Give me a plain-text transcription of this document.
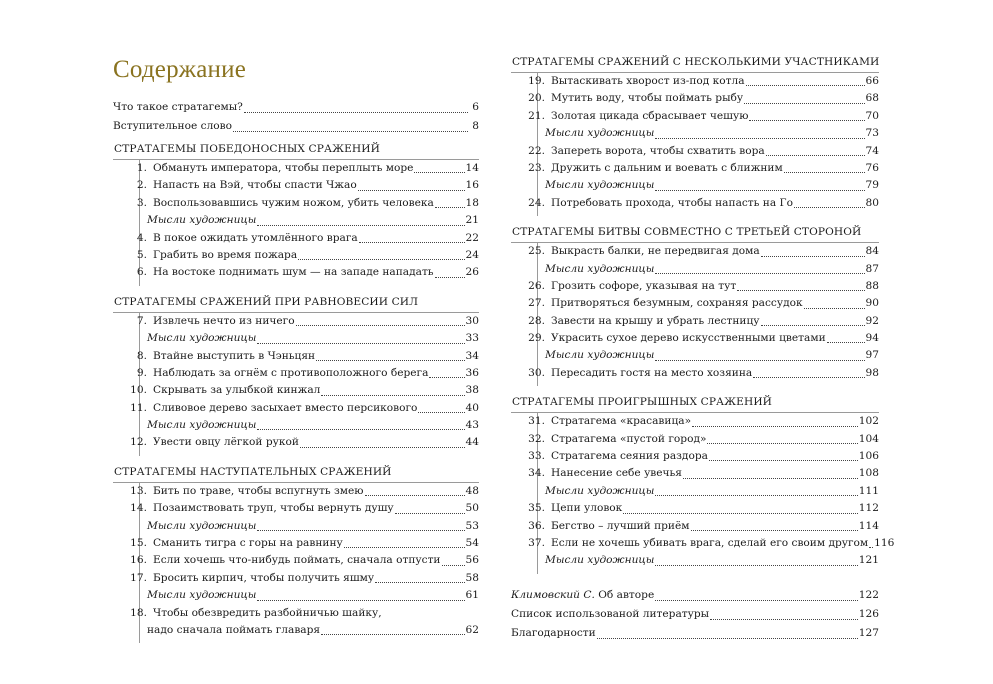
Содержание
Что такое стратагемы?	6
Вступительное слово	8
СТРАТАГЕМЫ ПОБЕДОНОСНЫХ СРАЖЕНИЙ
1. Обмануть императора, чтобы переплыть море	14
2. Напасть на Вэй, чтобы спасти Чжао	16
3. Воспользовавшись чужим ножом, убить человека	18
Мысли художницы	21
4. В покое ожидать утомлённого врага	22
5. Грабить во время пожара	24
6. На востоке поднимать шум — на западе нападать	26
СТРАТАГЕМЫ СРАЖЕНИЙ ПРИ РАВНОВЕСИИ СИЛ
7. Извлечь нечто из ничего	30
Мысли художницы	33
8. Втайне выступить в Чэньцян	34
9. Наблюдать за огнём с противоположного берега	36
10. Скрывать за улыбкой кинжал	38
11. Сливовое дерево засыхает вместо персикового	40
Мысли художницы	43
12. Увести овцу лёгкой рукой	44
СТРАТАГЕМЫ НАСТУПАТЕЛЬНЫХ СРАЖЕНИЙ
13. Бить по траве, чтобы вспугнуть змею	48
14. Позаимствовать труп, чтобы вернуть душу	50
Мысли художницы	53
15. Сманить тигра с горы на равнину	54
16. Если хочешь что-нибудь поймать, сначала отпусти 56
17. Бросить кирпич, чтобы получить яшму	58
Мысли художницы	61
18. Чтобы обезвредить разбойничью шайку,
надо сначала поймать главаря	62
СТРАТАГЕМЫ СРАЖЕНИЙ С НЕСКОЛЬКИМИ УЧАСТНИКАМИ
19. Вытаскивать хворост из-под котла	66
20. Мутить воду, чтобы поймать рыбу	68
21. Золотая цикада сбрасывает чешую	70
Мысли художницы	73
22. Запереть ворота, чтобы схватить вора	74
23. Дружить с дальним и воевать с ближним	76
Мысли художницы	79
24. Потребовать прохода, чтобы напасть на Го	80
СТРАТАГЕМЫ БИТВЫ СОВМЕСТНО С ТРЕТЬЕЙ СТОРОНОЙ
25. Выкрасть балки, не передвигая дома	84
Мысли художницы	87
26. Грозить софоре, указывая на тут	88
27. Притворяться безумным, сохраняя рассудок	90
28. Завести на крышу и убрать лестницу	92
29. Украсить сухое дерево искусственными цветами	94
Мысли художницы	97
30. Пересадить гостя на место хозяина	98
СТРАТАГЕМЫ ПРОИГРЫШНЫХ СРАЖЕНИЙ
31. Стратагема «красавица»	102
32. Стратагема «пустой город»	104
33. Стратагема сеяния раздора	106
34. Нанесение себе увечья	108
Мысли художницы	111
35. Цепи уловок	112
36. Бегство – лучший приём	114
37. Если не хочешь убивать врага, сделай его своим другом 116
Мысли художницы	121
Климовский С. Об авторе	122
Список использованой литературы	126
Благодарности	127
